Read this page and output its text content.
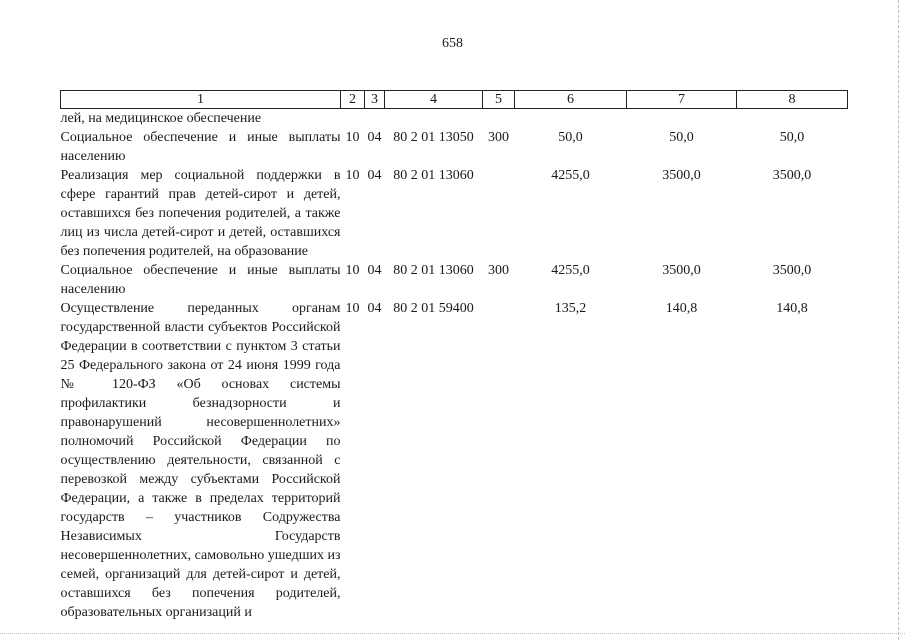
658
1	2	3	4	5	6	7	8
лей, на медицинское обеспечение							
Социальное обеспечение и иные выплаты населению	10	04	80 2 01 13050	300	50,0	50,0	50,0
Реализация мер социальной поддержки в сфере гарантий прав детей-сирот и детей, оставшихся без попечения родителей, а также лиц из числа детей-сирот и детей, оставшихся без попечения родителей, на образование	10	04	80 2 01 13060		4255,0	3500,0	3500,0
Социальное обеспечение и иные выплаты населению	10	04	80 2 01 13060	300	4255,0	3500,0	3500,0
Осуществление переданных органам государственной власти субъектов Российской Федерации в соответствии с пунктом 3 статьи 25 Федерального закона от 24 июня 1999 года № 120-ФЗ «Об основах системы профилактики безнадзорности и правонарушений несовершеннолетних» полномочий Российской Федерации по осуществлению деятельности, связанной с перевозкой между субъектами Российской Федерации, а также в пределах территорий государств – участников Содружества Независимых Государств несовершеннолетних, самовольно ушедших из семей, организаций для детей-сирот и детей, оставшихся без попечения родителей, образовательных организаций и	10	04	80 2 01 59400		135,2	140,8	140,8
